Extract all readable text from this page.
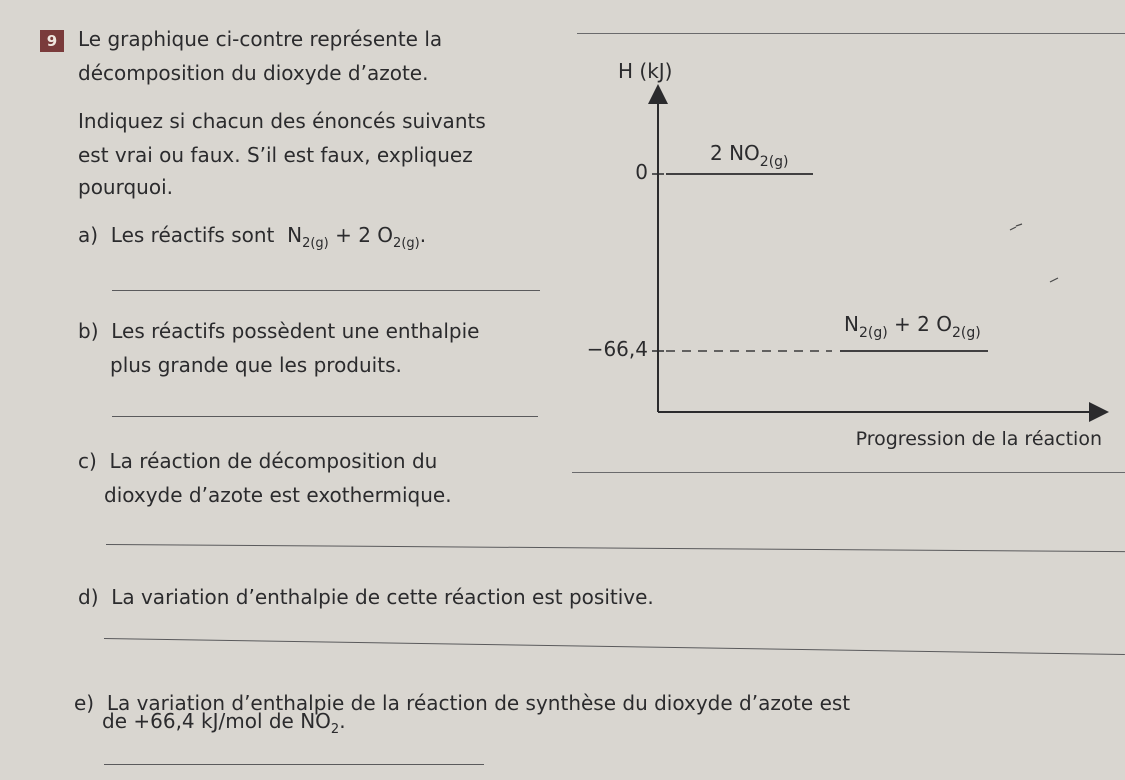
9	Le graphique ci-contre représente la
décomposition du dioxyde d’azote.
Indiquez si chacun des énoncés suivants
est vrai ou faux. S’il est faux, expliquez
pourquoi.
a) Les réactifs sont $N_{2(g)} + 2$ $O_{2(g)}$.
b) Les réactifs possèdent une enthalpie
plus grande que les produits.
c) La réaction de décomposition du
dioxyde d’azote est exothermique.
d) La variation d’enthalpie de cette réaction est positive.
e) La variation d’enthalpie de la réaction de synthèse du dioxyde d’azote est
de +66,4 kJ/mol de $NO_2$.
H (kJ)
Progression de la réaction
0
−66,4
2 $NO_{2(g)}$
$N_{2(g)} + 2$ $O_{2(g)}$
